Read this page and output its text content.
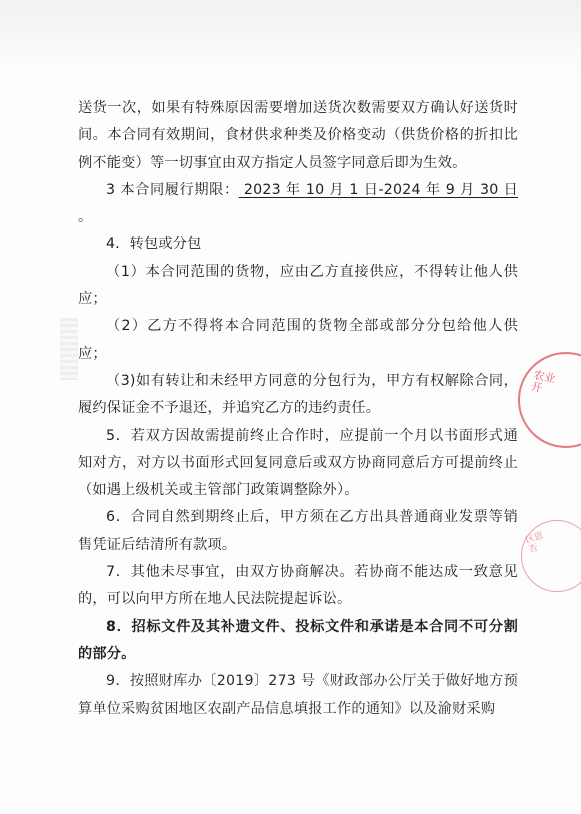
送货一次，如果有特殊原因需要增加送货次数需要双方确认好送货时间。本合同有效期间，食材供求种类及价格变动（供货价格的折扣比例不能变）等一切事宜由双方指定人员签字同意后即为生效。

3 本合同履行期限： 2023 年 10 月 1 日-2024 年 9 月 30 日 。

4．转包或分包

（1）本合同范围的货物，应由乙方直接供应，不得转让他人供应；

（2）乙方不得将本合同范围的货物全部或部分分包给他人供应；

（3)如有转让和未经甲方同意的分包行为，甲方有权解除合同，履约保证金不予退还，并追究乙方的违约责任。

5．若双方因故需提前终止合作时，应提前一个月以书面形式通知对方，对方以书面形式回复同意后或双方协商同意后方可提前终止（如遇上级机关或主管部门政策调整除外）。

6．合同自然到期终止后，甲方须在乙方出具普通商业发票等销售凭证后结清所有款项。

7．其他未尽事宜，由双方协商解决。若协商不能达成一致意见的，可以向甲方所在地人民法院提起诉讼。

8．招标文件及其补遗文件、投标文件和承诺是本合同不可分割的部分。

9．按照财库办〔2019〕273 号《财政部办公厅关于做好地方预算单位采购贫困地区农副产品信息填报工作的通知》以及渝财采购

农业开
区恩否
